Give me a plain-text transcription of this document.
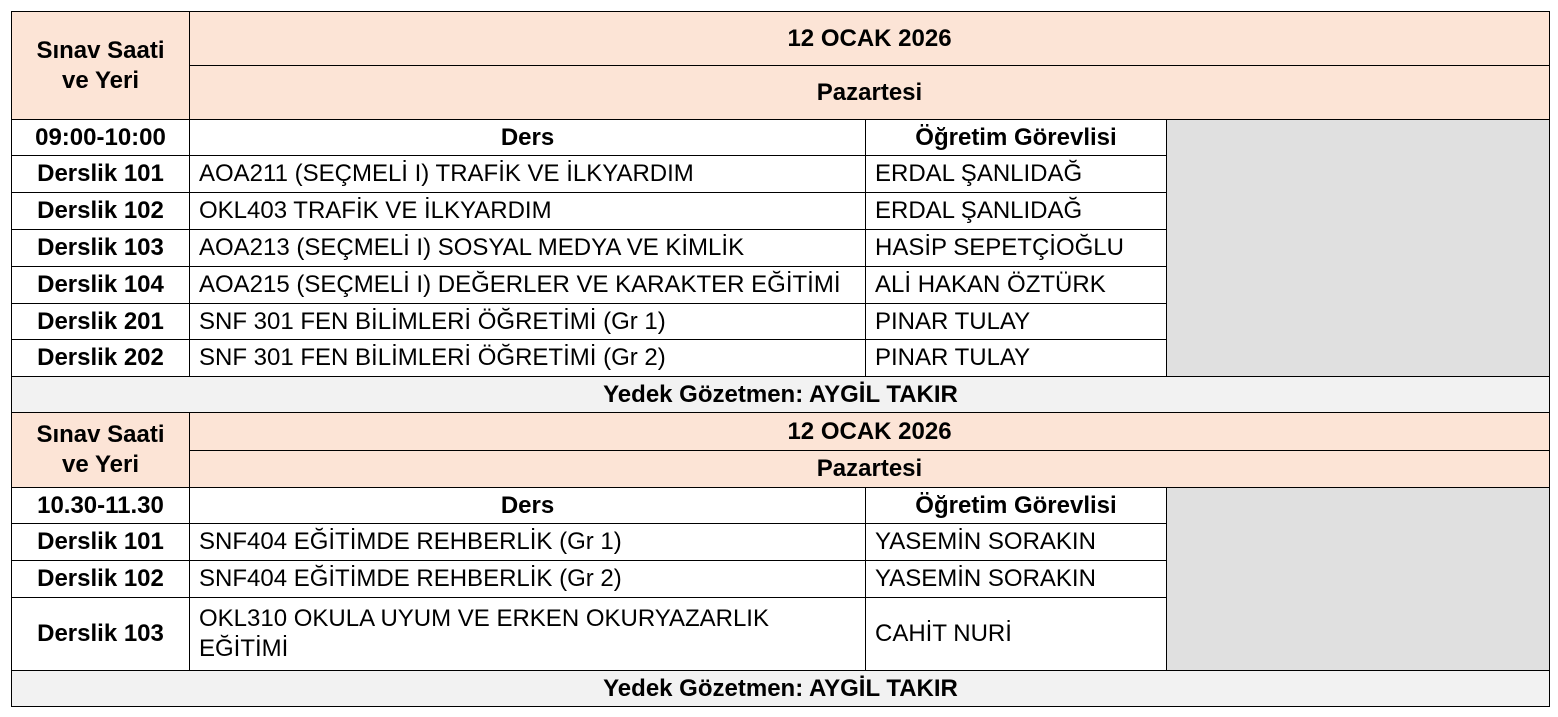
Sınav Saati ve Yeri	12 OCAK 2026		
	Pazartesi		
09:00-10:00	Ders	Öğretim Görevlisi	
Derslik 101	AOA211 (SEÇMELİ I) TRAFİK VE İLKYARDIM	ERDAL ŞANLIDAĞ	
Derslik 102	OKL403 TRAFİK VE İLKYARDIM	ERDAL ŞANLIDAĞ	
Derslik 103	AOA213 (SEÇMELİ I) SOSYAL MEDYA VE KİMLİK	HASİP SEPETÇİOĞLU	
Derslik 104	AOA215 (SEÇMELİ I) DEĞERLER VE KARAKTER EĞİTİMİ	ALİ HAKAN ÖZTÜRK	
Derslik 201	SNF 301 FEN BİLİMLERİ ÖĞRETİMİ (Gr 1)	PINAR TULAY	
Derslik 202	SNF 301 FEN BİLİMLERİ ÖĞRETİMİ (Gr 2)	PINAR TULAY	
Yedek Gözetmen: AYGİL TAKIR			
Sınav Saati ve Yeri	12 OCAK 2026		
	Pazartesi		
10.30-11.30	Ders	Öğretim Görevlisi	
Derslik 101	SNF404 EĞİTİMDE REHBERLİK (Gr 1)	YASEMİN SORAKIN	
Derslik 102	SNF404 EĞİTİMDE REHBERLİK (Gr 2)	YASEMİN SORAKIN	
Derslik 103	OKL310 OKULA UYUM VE ERKEN OKURYAZARLIK EĞİTİMİ	CAHİT NURİ	
Yedek Gözetmen: AYGİL TAKIR			
